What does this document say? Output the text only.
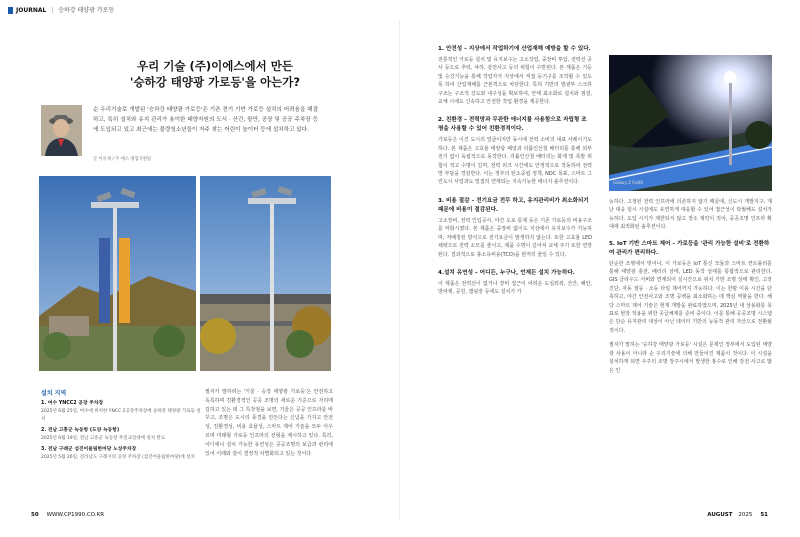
JOURNAL | 승하강 태양광 가로등
우리 기술 (주)이에스에서 만든
'승하강 태양광 가로등'을 아는가?
순 우리기술로 개발된 '승하강 태양광 가로등'은 기존 전기 기반 가로등 설치의 어려움을 해결하고, 특히 설치와 유지 관리가 용이한 태양자원의 도서 · 산간, 항만, 공장 및 공공 주차장 등에 도입되고 있고 최근에는 불량청소년들이 자주 찾는 어린이 놀이터 등에 설치하고 있다.
글 이유재 / 주 에스 영업지원팀
설치 지역
1. 여수 YNCC2 공장 주차장
2025년 6월 25일, 여수에 위치한 YNCC 2공장주차장에 승하강 태양광 가로등 설치
2. 전남 고흥군 녹동항 (도양 녹동항)
2025년 6월 19일, 전남 고흥군 녹동항 무전교일대에 설치 완료
3. 전남 구례군 섬진어울림한마당 노상주차장
2025년 5월 26일, 전라남도 구례시의 공영 주차장 (섬진어울림한마당)에 설치
필자가 말하려는 '기울 · 승강 태양광 가로등'은 안전하고 독특하며 친환경적인 공공 조명의 새로운 기준으로 자리매김하고 있는 데 그 특장점을 보면, 기울은 공공 인프라를 바꾸고, 조명은 도시의 풍경을 만든다는 신념을 가지고 안전성, 친환경성, 비용 효율성, 스마트 제어 기술을 모두 아우르며 미래형 가로등 인프라의 전형을 제시하고 있다. 특히, 어디에나 설치 가능한 유연성은 공공조명의 보급과 관리에 있어 이래와 같이 결정적 차별화되고 있는 것이다.
1. 안전성 – 지상에서 작업하기에 산업재해 예방을 할 수 있다.
전통적인 가로등 설치 및 유지보수는 고소작업, 중장비 투입, 전력선 공사 등으로 추락, 낙하, 감전사고 등의 위험이 수반된다. 본 제품은 기둥 및 승강기능을 통해 작업자가 지상에서 직접 등기구를 조작할 수 있도록 하여 산업재해를 근본적으로 차단한다. 특허 기반의 발광부 스크류 구조는 구조적 강도와 내구성을 확보하여, 안태 최소화로 설치와 점검, 교체 시에도 신속하고 안전한 작업 환경을 제공한다.
2. 친환경 – 전력망과 무관한 에너지를 사용함으로 자립형 조명을 사용할 수 있어 친환경적이다.
가로등은 이건 도시의 얼굴이지만 동시에 전력 소비의 대표 사례이기도 하다. 본 제품은 고효율 태양광 패널과 리튬인산철 배터리를 통해 외부 전기 없이 독립적으로 동작한다. 리튬인산철 배터리는 화재 및 폭발 위험이 적고 수명이 길며, 전력 피크 시간에도 안정적으로 작동하여 전력망 부담을 경감한다. 이는 정부의 탄소중립 정책, NDC 목표, 스마트 그린도시 사업과도 밀접히 연계되는 지속가능한 에너지 솔루션이다.
3. 비용 절감 – 전기요금 전무 하고, 유지관리비가 최소화되기 때문에 비용이 절감된다.
고소장비, 전력 인입공사, 야간 도로 통제 등은 기존 가로등의 비용구조를 악화시켰다. 본 제품은 중장비 없이도 지상에서 유지보수가 가능하며, 저배칭된 방식으로 전기요금이 발생하지 않는다. 또한 고효율 LED 채택으로 전력 소모를 줄이고, 제품 수명이 길어져 교체 주기 또한 연장된다. 결과적으로 총소유비용(TCO)을 현저히 줄일 수 있다.
4.설치 유연성 – 어디든, 누구나, 언제든 설치 가능하다.
이 제품은 전력선이 없거나 장비 접근이 어려운 도심외곽, 산간, 해안, 방파제, 공원, 캠핑장 등에도 설치가 가
Galaxy Z Fold6
능하다. 고정된 전력 인프라에 의존하지 않기 때문에, 신도시 개발지구, 재난 대응 임시 시설에도 유연하게 대응할 수 있어 접근성이 탁월해도 설치가능하다. 도입 시기가 제한되지 않고 장소 제약이 적어, 공공조명 인프라 확대에 최적화된 솔루션이다.
5. IoT 기반 스마트 제어 – 가로등을 '관리 가능한 설비'로 전환하여 관리가 편리하다.
단순한 조명에서 벗어나, 이 가로등은 IoT 통신 모듈과 스마트 컨트롤러를 통해 태양광 충전, 배터리 상태, LED 동작 상태를 통합적으로 관리한다. GIS 클라우드 서버와 연계되어 실시간으로 위치 기반 조명 상태 확인, 고장 진단, 자동 점등 · 소등 타임 제어까지 가능하다. 이는 한밤 이용 시간을 단축하고, 야간 안전사고와 조명 공백을 최소화하는 데 핵심 역할을 한다. 해당 스마트 제어 기술은 현재 개발을 완료하였으며, 2025년 내 상용화를 목표로 현장 적용을 위한 공급체계를 준비 중이다. 이를 통해 공공조명 시스템은 단순 유지관리 대상이 아닌 데이터 기반의 능동적 관리 자산으로 전환될 것이다.
필자가 말하는 '승하강 태양광 가로등' 시설은 문제인 정부에서 도입된 태양광 사용이 아니라 순 우리기술에 의해 만들어진 제품이 것이다. 이 시설을 설치하게 되면 우주의 조명 장주시에서 발생한 홍수로 인해 감전 사고로 많은 인
50 WWW.CP1990.CO.KR	AUGUST 2025 51
